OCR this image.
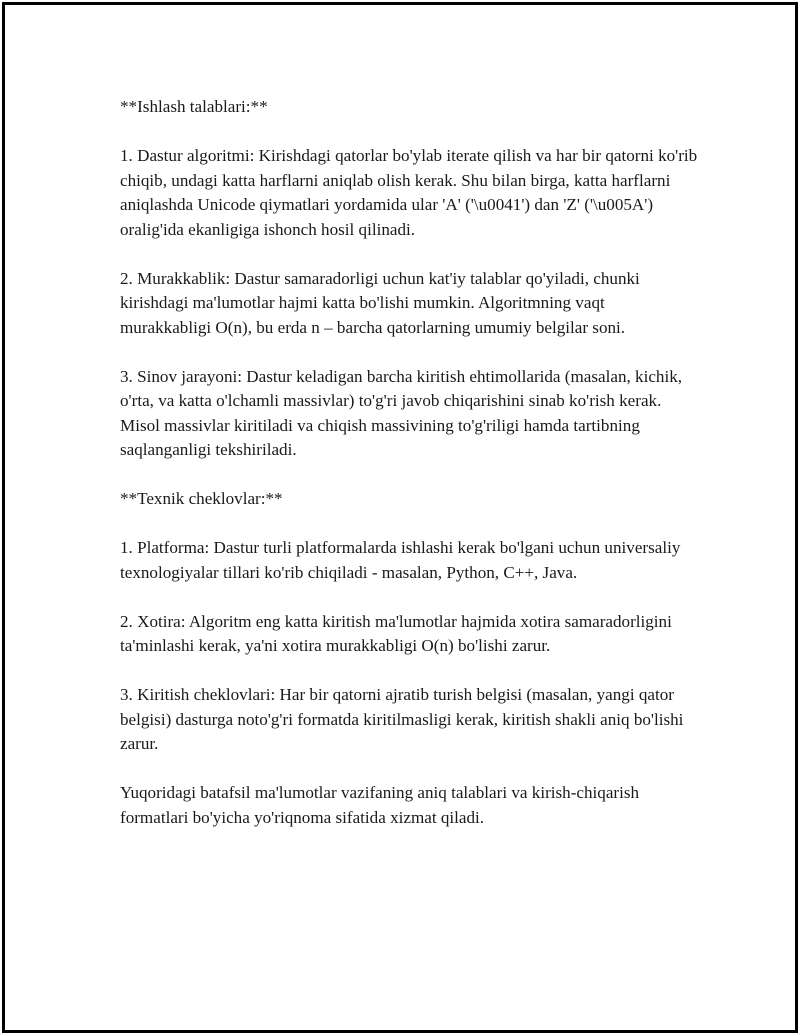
**Ishlash talablari:**

1. Dastur algoritmi: Kirishdagi qatorlar bo'ylab iterate qilish va har bir qatorni ko'rib chiqib, undagi katta harflarni aniqlab olish kerak. Shu bilan birga, katta harflarni aniqlashda Unicode qiymatlari yordamida ular 'A' ('\u0041') dan 'Z' ('\u005A') oralig'ida ekanligiga ishonch hosil qilinadi.

2. Murakkablik: Dastur samaradorligi uchun kat'iy talablar qo'yiladi, chunki kirishdagi ma'lumotlar hajmi katta bo'lishi mumkin. Algoritmning vaqt murakkabligi O(n), bu erda n – barcha qatorlarning umumiy belgilar soni.

3. Sinov jarayoni: Dastur keladigan barcha kiritish ehtimollarida (masalan, kichik, o'rta, va katta o'lchamli massivlar) to'g'ri javob chiqarishini sinab ko'rish kerak. Misol massivlar kiritiladi va chiqish massivining to'g'riligi hamda tartibning saqlanganligi tekshiriladi.

**Texnik cheklovlar:**

1. Platforma: Dastur turli platformalarda ishlashi kerak bo'lgani uchun universaliy texnologiyalar tillari ko'rib chiqiladi - masalan, Python, C++, Java.

2. Xotira: Algoritm eng katta kiritish ma'lumotlar hajmida xotira samaradorligini ta'minlashi kerak, ya'ni xotira murakkabligi O(n) bo'lishi zarur.

3. Kiritish cheklovlari: Har bir qatorni ajratib turish belgisi (masalan, yangi qator belgisi) dasturga noto'g'ri formatda kiritilmasligi kerak, kiritish shakli aniq bo'lishi zarur.

Yuqoridagi batafsil ma'lumotlar vazifaning aniq talablari va kirish-chiqarish formatlari bo'yicha yo'riqnoma sifatida xizmat qiladi.
